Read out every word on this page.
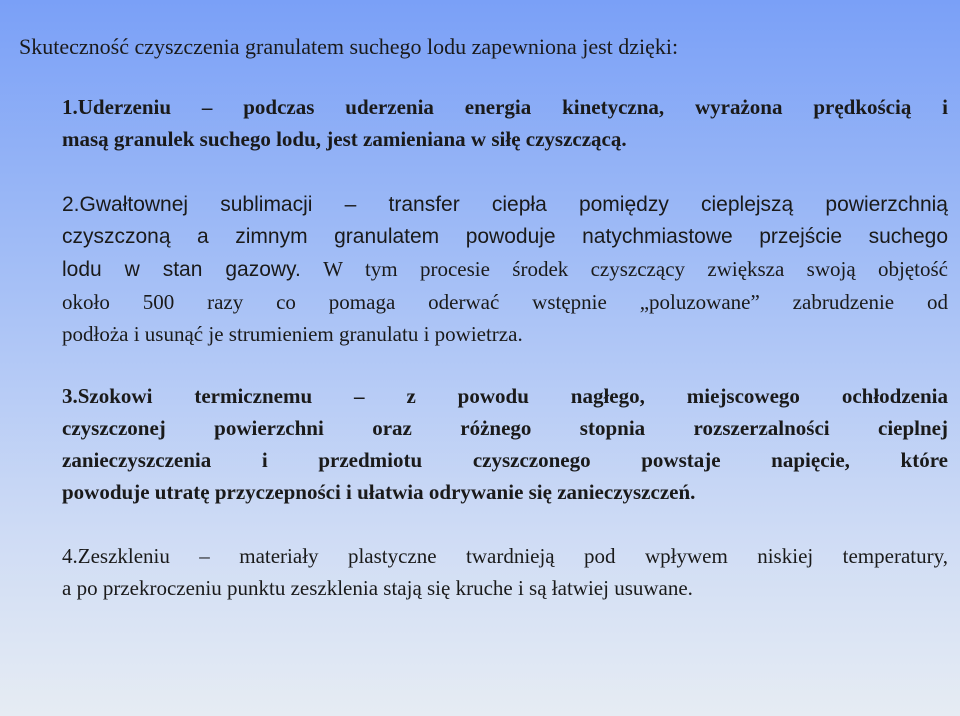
Skuteczność czyszczenia granulatem suchego lodu zapewniona jest dzięki:
1.Uderzeniu – podczas uderzenia energia kinetyczna, wyrażona prędkością i
masą granulek suchego lodu, jest zamieniana w siłę czyszczącą.
2.Gwałtownej sublimacji – transfer ciepła pomiędzy cieplejszą powierzchnią
czyszczoną a zimnym granulatem powoduje natychmiastowe przejście suchego
lodu w stan gazowy. W tym procesie środek czyszczący zwiększa swoją objętość
około 500 razy co pomaga oderwać wstępnie „poluzowane” zabrudzenie od
podłoża i usunąć je strumieniem granulatu i powietrza.
3.Szokowi termicznemu – z powodu nagłego, miejscowego ochłodzenia
czyszczonej powierzchni oraz różnego stopnia rozszerzalności cieplnej
zanieczyszczenia i przedmiotu czyszczonego powstaje napięcie, które
powoduje utratę przyczepności i ułatwia odrywanie się zanieczyszczeń.
4.Zeszkleniu – materiały plastyczne twardnieją pod wpływem niskiej temperatury,
a po przekroczeniu punktu zeszklenia stają się kruche i są łatwiej usuwane.
